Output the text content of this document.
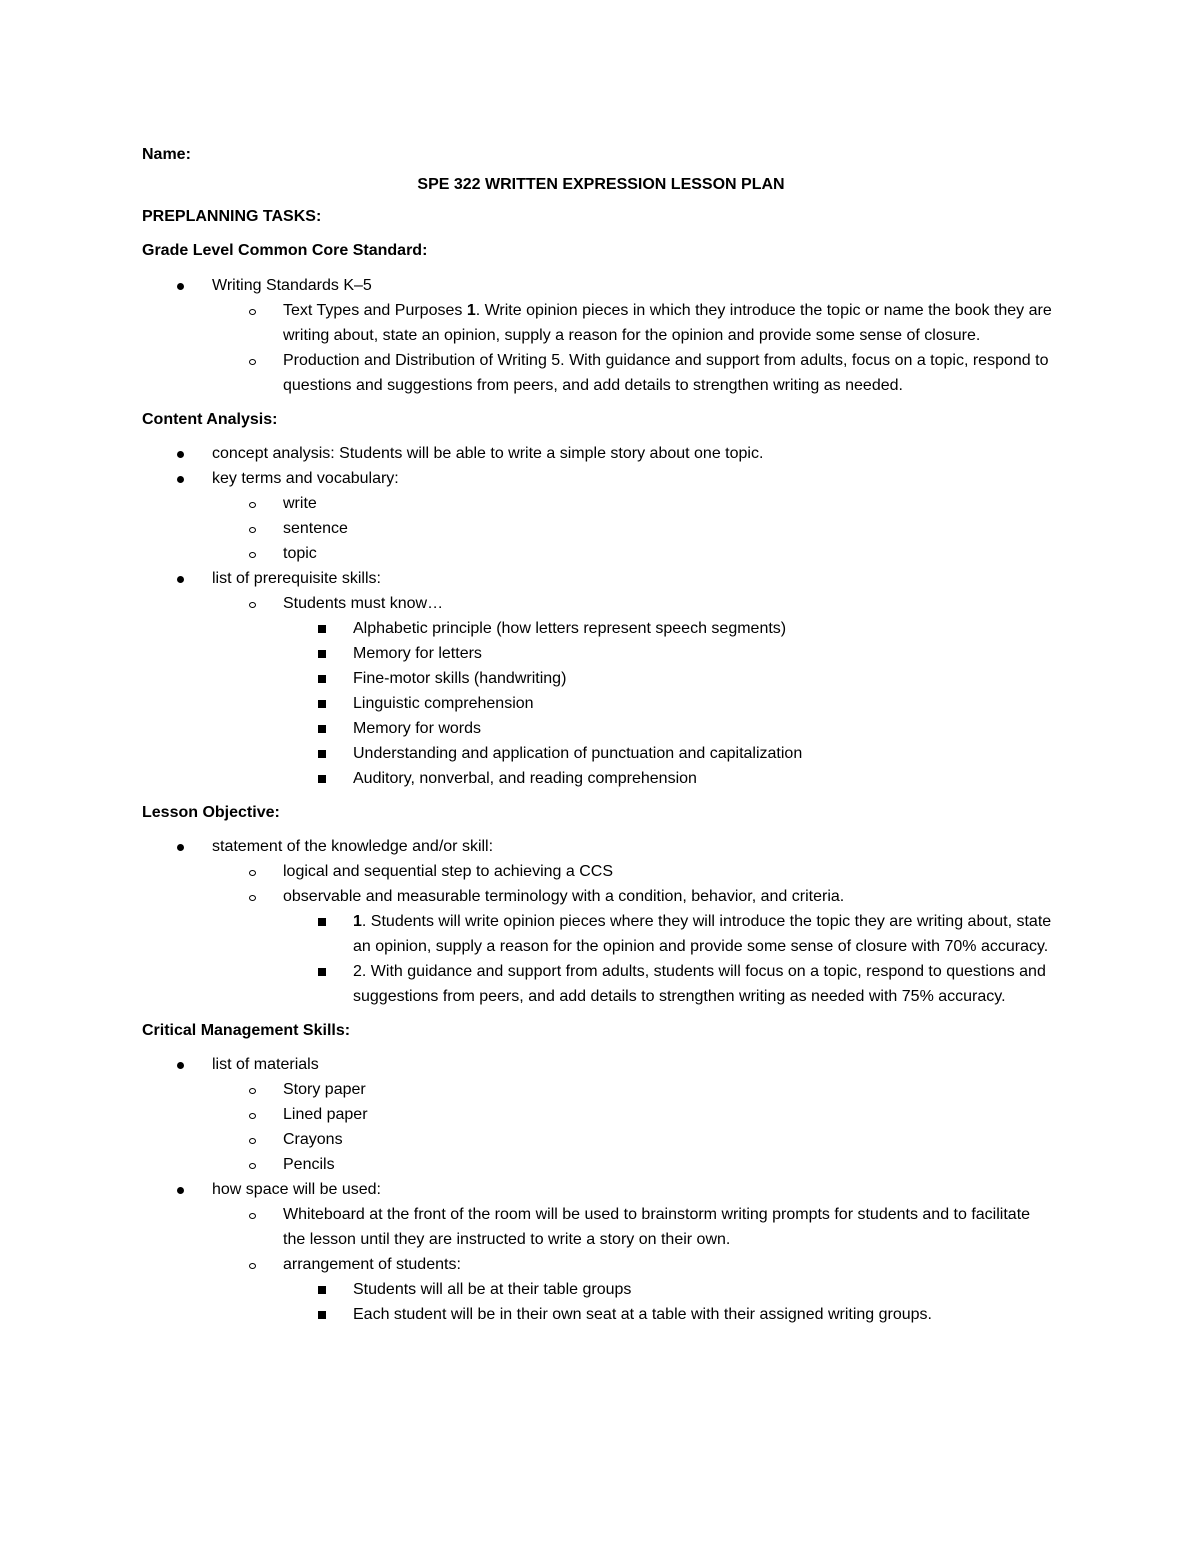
Name:
SPE 322 WRITTEN EXPRESSION LESSON PLAN
PREPLANNING TASKS:
Grade Level Common Core Standard:
Writing Standards K–5
Text Types and Purposes 1. Write opinion pieces in which they introduce the topic or name the book they are writing about, state an opinion, supply a reason for the opinion and provide some sense of closure.
Production and Distribution of Writing 5. With guidance and support from adults, focus on a topic, respond to questions and suggestions from peers, and add details to strengthen writing as needed.
Content Analysis:
concept analysis: Students will be able to write a simple story about one topic.
key terms and vocabulary:
write
sentence
topic
list of prerequisite skills:
Students must know…
Alphabetic principle (how letters represent speech segments)
Memory for letters
Fine-motor skills (handwriting)
Linguistic comprehension
Memory for words
Understanding and application of punctuation and capitalization
Auditory, nonverbal, and reading comprehension
Lesson Objective:
statement of the knowledge and/or skill:
logical and sequential step to achieving a CCS
observable and measurable terminology with a condition, behavior, and criteria.
1. Students will write opinion pieces where they will introduce the topic they are writing about, state an opinion, supply a reason for the opinion and provide some sense of closure with 70% accuracy.
2. With guidance and support from adults, students will focus on a topic, respond to questions and suggestions from peers, and add details to strengthen writing as needed with 75% accuracy.
Critical Management Skills:
list of materials
Story paper
Lined paper
Crayons
Pencils
how space will be used:
Whiteboard at the front of the room will be used to brainstorm writing prompts for students and to facilitate the lesson until they are instructed to write a story on their own.
arrangement of students:
Students will all be at their table groups
Each student will be in their own seat at a table with their assigned writing groups.
